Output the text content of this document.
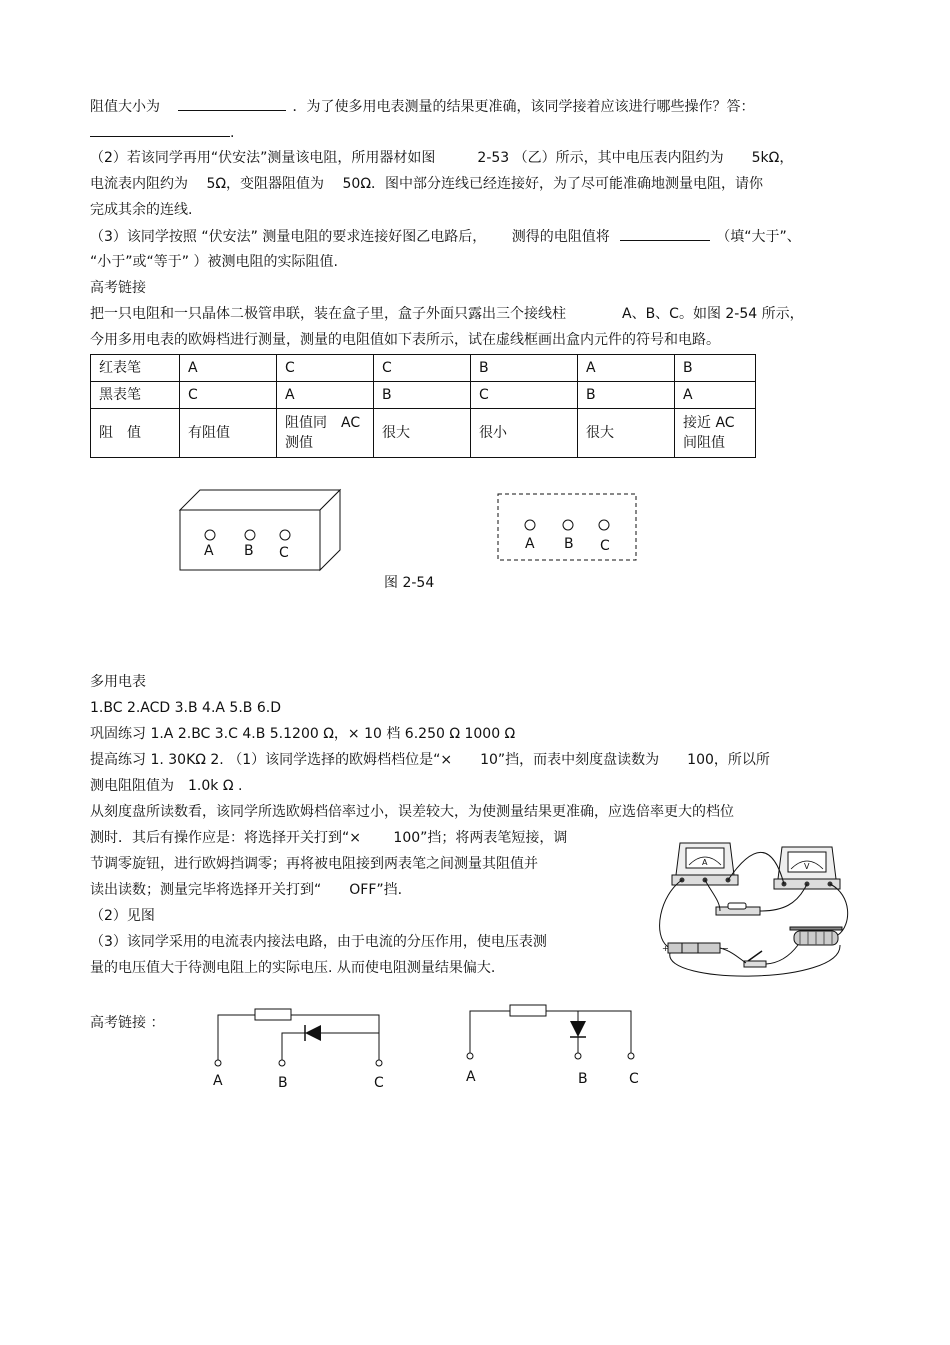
阻值大小为	．为了使多用电表测量的结果更准确，该同学接着应该进行哪些操作？答：
.
（2）若该同学再用“伏安法”测量该电阻，所用器材如图　　　2-53 （乙）所示，其中电压表内阻约为　　5kΩ，
电流表内阻约为　 5Ω，变阻器阻值为　 50Ω．图中部分连线已经连接好，为了尽可能准确地测量电阻，请你
完成其余的连线.
（3）该同学按照 “伏安法” 测量电阻的要求连接好图乙电路后，　　 测得的电阻值将	（填“大于”、
“小于”或“等于” ）被测电阻的实际阻值.
高考链接
把一只电阻和一只晶体二极管串联，装在盒子里，盒子外面只露出三个接线柱　　　　A、B、C。如图 2-54 所示，
今用多用电表的欧姆档进行测量，测量的电阻值如下表所示，试在虚线框画出盒内元件的符号和电路。
红表笔	A	C	C	B	A	B
黑表笔	C	A	B	C	B	A
阻　值	有阻值	阻值同　AC 测值	很大	很小	很大	接近 AC间阻值
A B C
A B C
图 2-54
多用电表
1.BC 2.ACD 3.B 4.A 5.B 6.D
巩固练习 1.A 2.BC 3.C 4.B 5.1200 Ω，× 10 档 6.250 Ω 1000 Ω
提高练习 1. 30KΩ 2. （1）该同学选择的欧姆档档位是“×　　10”挡，而表中刻度盘读数为　　100，所以所
测电阻阻值为　1.0k Ω .
从刻度盘所读数看，该同学所选欧姆档倍率过小，误差较大，为使测量结果更准确，应选倍率更大的档位
测时．其后有操作应是：将选择开关打到“×　　 100”挡；将两表笔短接，调
节调零旋钮，进行欧姆挡调零；再将被电阻接到两表笔之间测量其阻值并
读出读数；测量完毕将选择开关打到“　　OFF”挡.
（2）见图
（3）该同学采用的电流表内接法电路，由于电流的分压作用，使电压表测
量的电压值大于待测电阻上的实际电压. 从而使电阻测量结果偏大.
A	V
+	−
高考链接 ：
A	B	C	A	B	C
